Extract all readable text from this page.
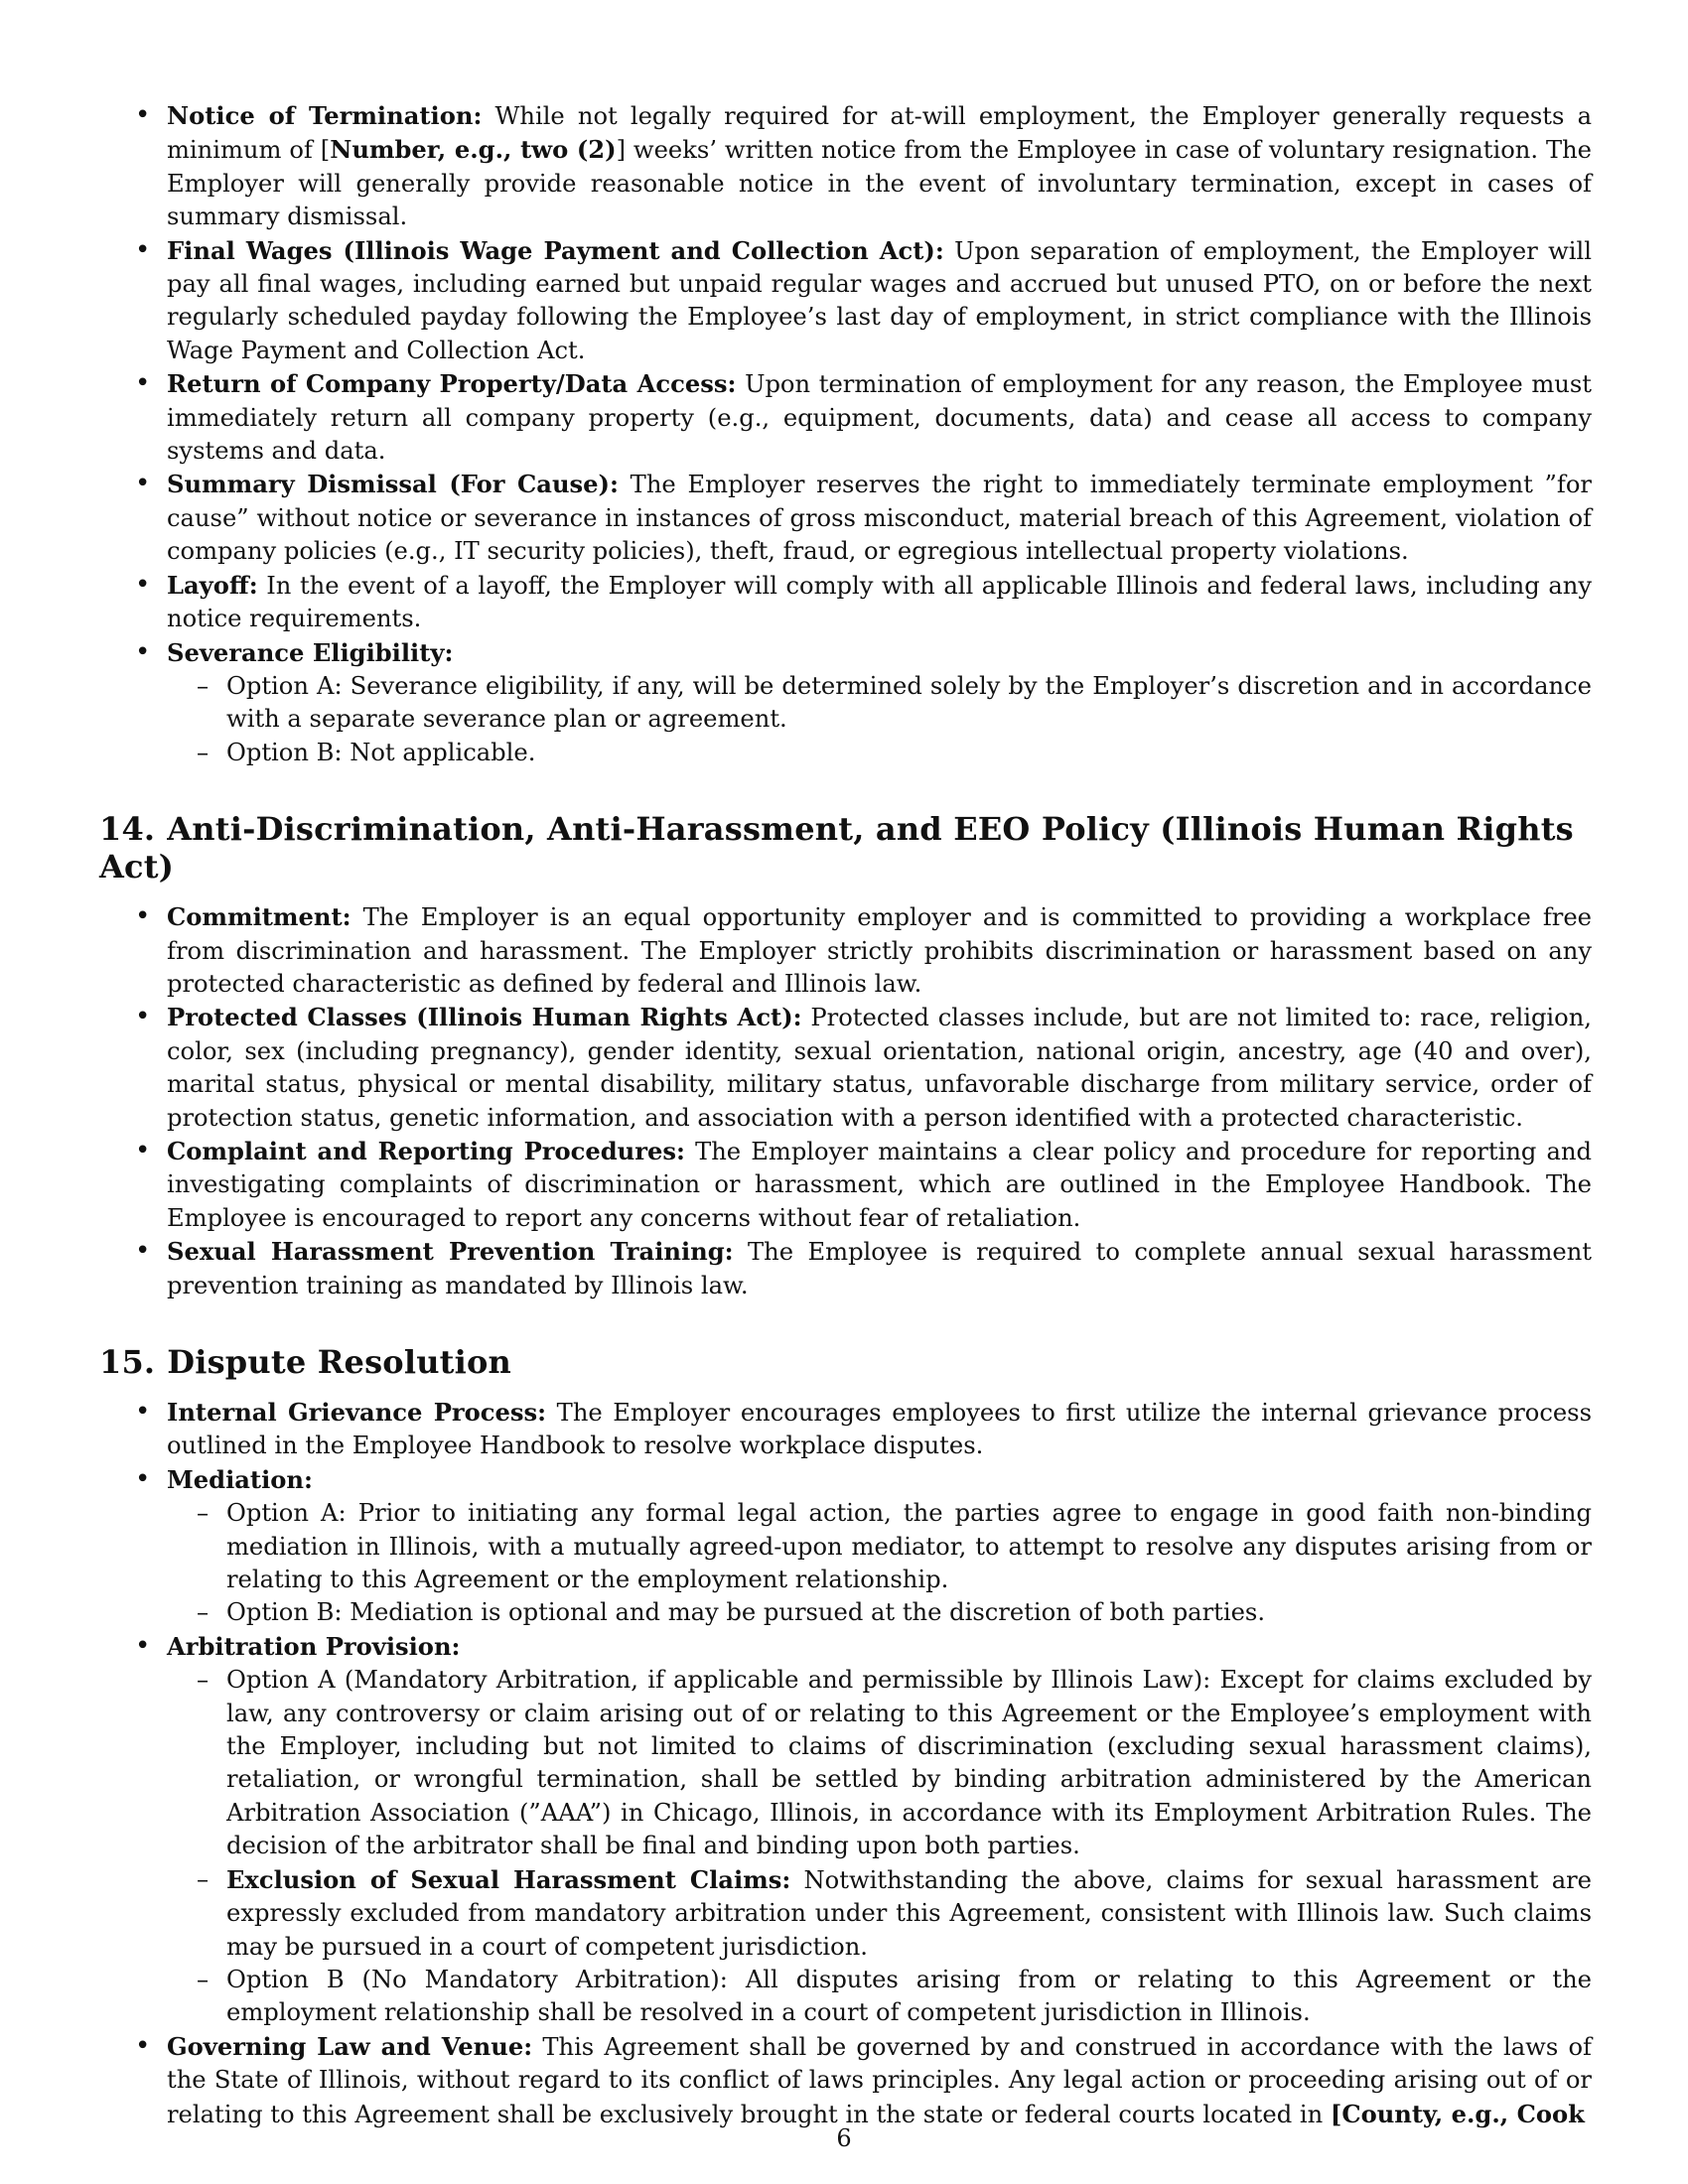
• Notice of Termination: While not legally required for at-will employment, the Employer generally requests a minimum of [Number, e.g., two (2)] weeks’ written notice from the Employee in case of voluntary resignation. The Employer will generally provide reasonable notice in the event of involuntary termination, except in cases of summary dismissal.
• Final Wages (Illinois Wage Payment and Collection Act): Upon separation of employment, the Employer will pay all final wages, including earned but unpaid regular wages and accrued but unused PTO, on or before the next regularly scheduled payday following the Employee’s last day of employment, in strict compliance with the Illinois Wage Payment and Collection Act.
• Return of Company Property/Data Access: Upon termination of employment for any reason, the Employee must immediately return all company property (e.g., equipment, documents, data) and cease all access to company systems and data.
• Summary Dismissal (For Cause): The Employer reserves the right to immediately terminate employment ”for cause” without notice or severance in instances of gross misconduct, material breach of this Agreement, violation of company policies (e.g., IT security policies), theft, fraud, or egregious intellectual property violations.
• Layoff: In the event of a layoff, the Employer will comply with all applicable Illinois and federal laws, including any notice requirements.
• Severance Eligibility:
– Option A: Severance eligibility, if any, will be determined solely by the Employer’s discretion and in accordance with a separate severance plan or agreement.
– Option B: Not applicable.
14. Anti-Discrimination, Anti-Harassment, and EEO Policy (Illinois Human Rights Act)
• Commitment: The Employer is an equal opportunity employer and is committed to providing a workplace free from discrimination and harassment. The Employer strictly prohibits discrimination or harassment based on any protected characteristic as defined by federal and Illinois law.
• Protected Classes (Illinois Human Rights Act): Protected classes include, but are not limited to: race, religion, color, sex (including pregnancy), gender identity, sexual orientation, national origin, ancestry, age (40 and over), marital status, physical or mental disability, military status, unfavorable discharge from military service, order of protection status, genetic information, and association with a person identified with a protected characteristic.
• Complaint and Reporting Procedures: The Employer maintains a clear policy and procedure for reporting and investigating complaints of discrimination or harassment, which are outlined in the Employee Handbook. The Employee is encouraged to report any concerns without fear of retaliation.
• Sexual Harassment Prevention Training: The Employee is required to complete annual sexual harassment prevention training as mandated by Illinois law.
15. Dispute Resolution
• Internal Grievance Process: The Employer encourages employees to first utilize the internal grievance process outlined in the Employee Handbook to resolve workplace disputes.
• Mediation:
– Option A: Prior to initiating any formal legal action, the parties agree to engage in good faith non-binding mediation in Illinois, with a mutually agreed-upon mediator, to attempt to resolve any disputes arising from or relating to this Agreement or the employment relationship.
– Option B: Mediation is optional and may be pursued at the discretion of both parties.
• Arbitration Provision:
– Option A (Mandatory Arbitration, if applicable and permissible by Illinois Law): Except for claims excluded by law, any controversy or claim arising out of or relating to this Agreement or the Employee’s employment with the Employer, including but not limited to claims of discrimination (excluding sexual harassment claims), retaliation, or wrongful termination, shall be settled by binding arbitration administered by the American Arbitration Association (”AAA”) in Chicago, Illinois, in accordance with its Employment Arbitration Rules. The decision of the arbitrator shall be final and binding upon both parties.
– Exclusion of Sexual Harassment Claims: Notwithstanding the above, claims for sexual harassment are expressly excluded from mandatory arbitration under this Agreement, consistent with Illinois law. Such claims may be pursued in a court of competent jurisdiction.
– Option B (No Mandatory Arbitration): All disputes arising from or relating to this Agreement or the employment relationship shall be resolved in a court of competent jurisdiction in Illinois.
• Governing Law and Venue: This Agreement shall be governed by and construed in accordance with the laws of the State of Illinois, without regard to its conflict of laws principles. Any legal action or proceeding arising out of or relating to this Agreement shall be exclusively brought in the state or federal courts located in [County, e.g., Cook
6
